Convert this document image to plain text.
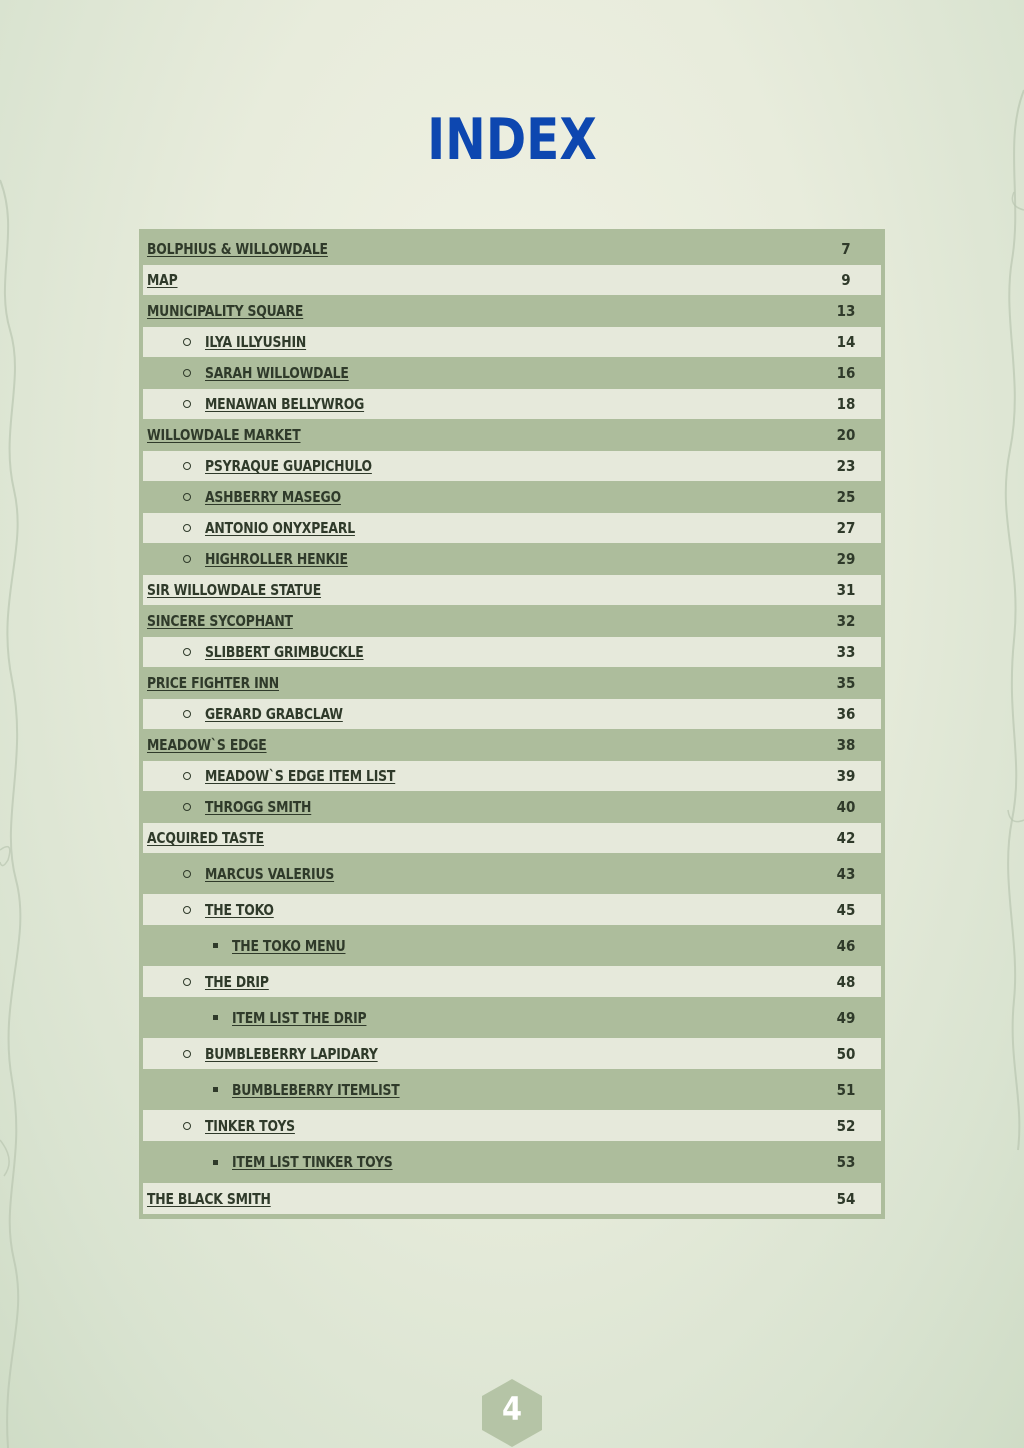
INDEX
BOLPHIUS & WILLOWDALE	7
MAP	9
MUNICIPALITY SQUARE	13
ILYA ILLYUSHIN	14
SARAH WILLOWDALE	16
MENAWAN BELLYWROG	18
WILLOWDALE MARKET	20
PSYRAQUE GUAPICHULO	23
ASHBERRY MASEGO	25
ANTONIO ONYXPEARL	27
HIGHROLLER HENKIE	29
SIR WILLOWDALE STATUE	31
SINCERE SYCOPHANT	32
SLIBBERT GRIMBUCKLE	33
PRICE FIGHTER INN	35
GERARD GRABCLAW	36
MEADOW`S EDGE	38
MEADOW`S EDGE ITEM LIST	39
THROGG SMITH	40
ACQUIRED TASTE	42
MARCUS VALERIUS	43
THE TOKO	45
THE TOKO MENU	46
THE DRIP	48
ITEM LIST THE DRIP	49
BUMBLEBERRY LAPIDARY	50
BUMBLEBERRY ITEMLIST	51
TINKER TOYS	52
ITEM LIST TINKER TOYS	53
THE BLACK SMITH	54
4
